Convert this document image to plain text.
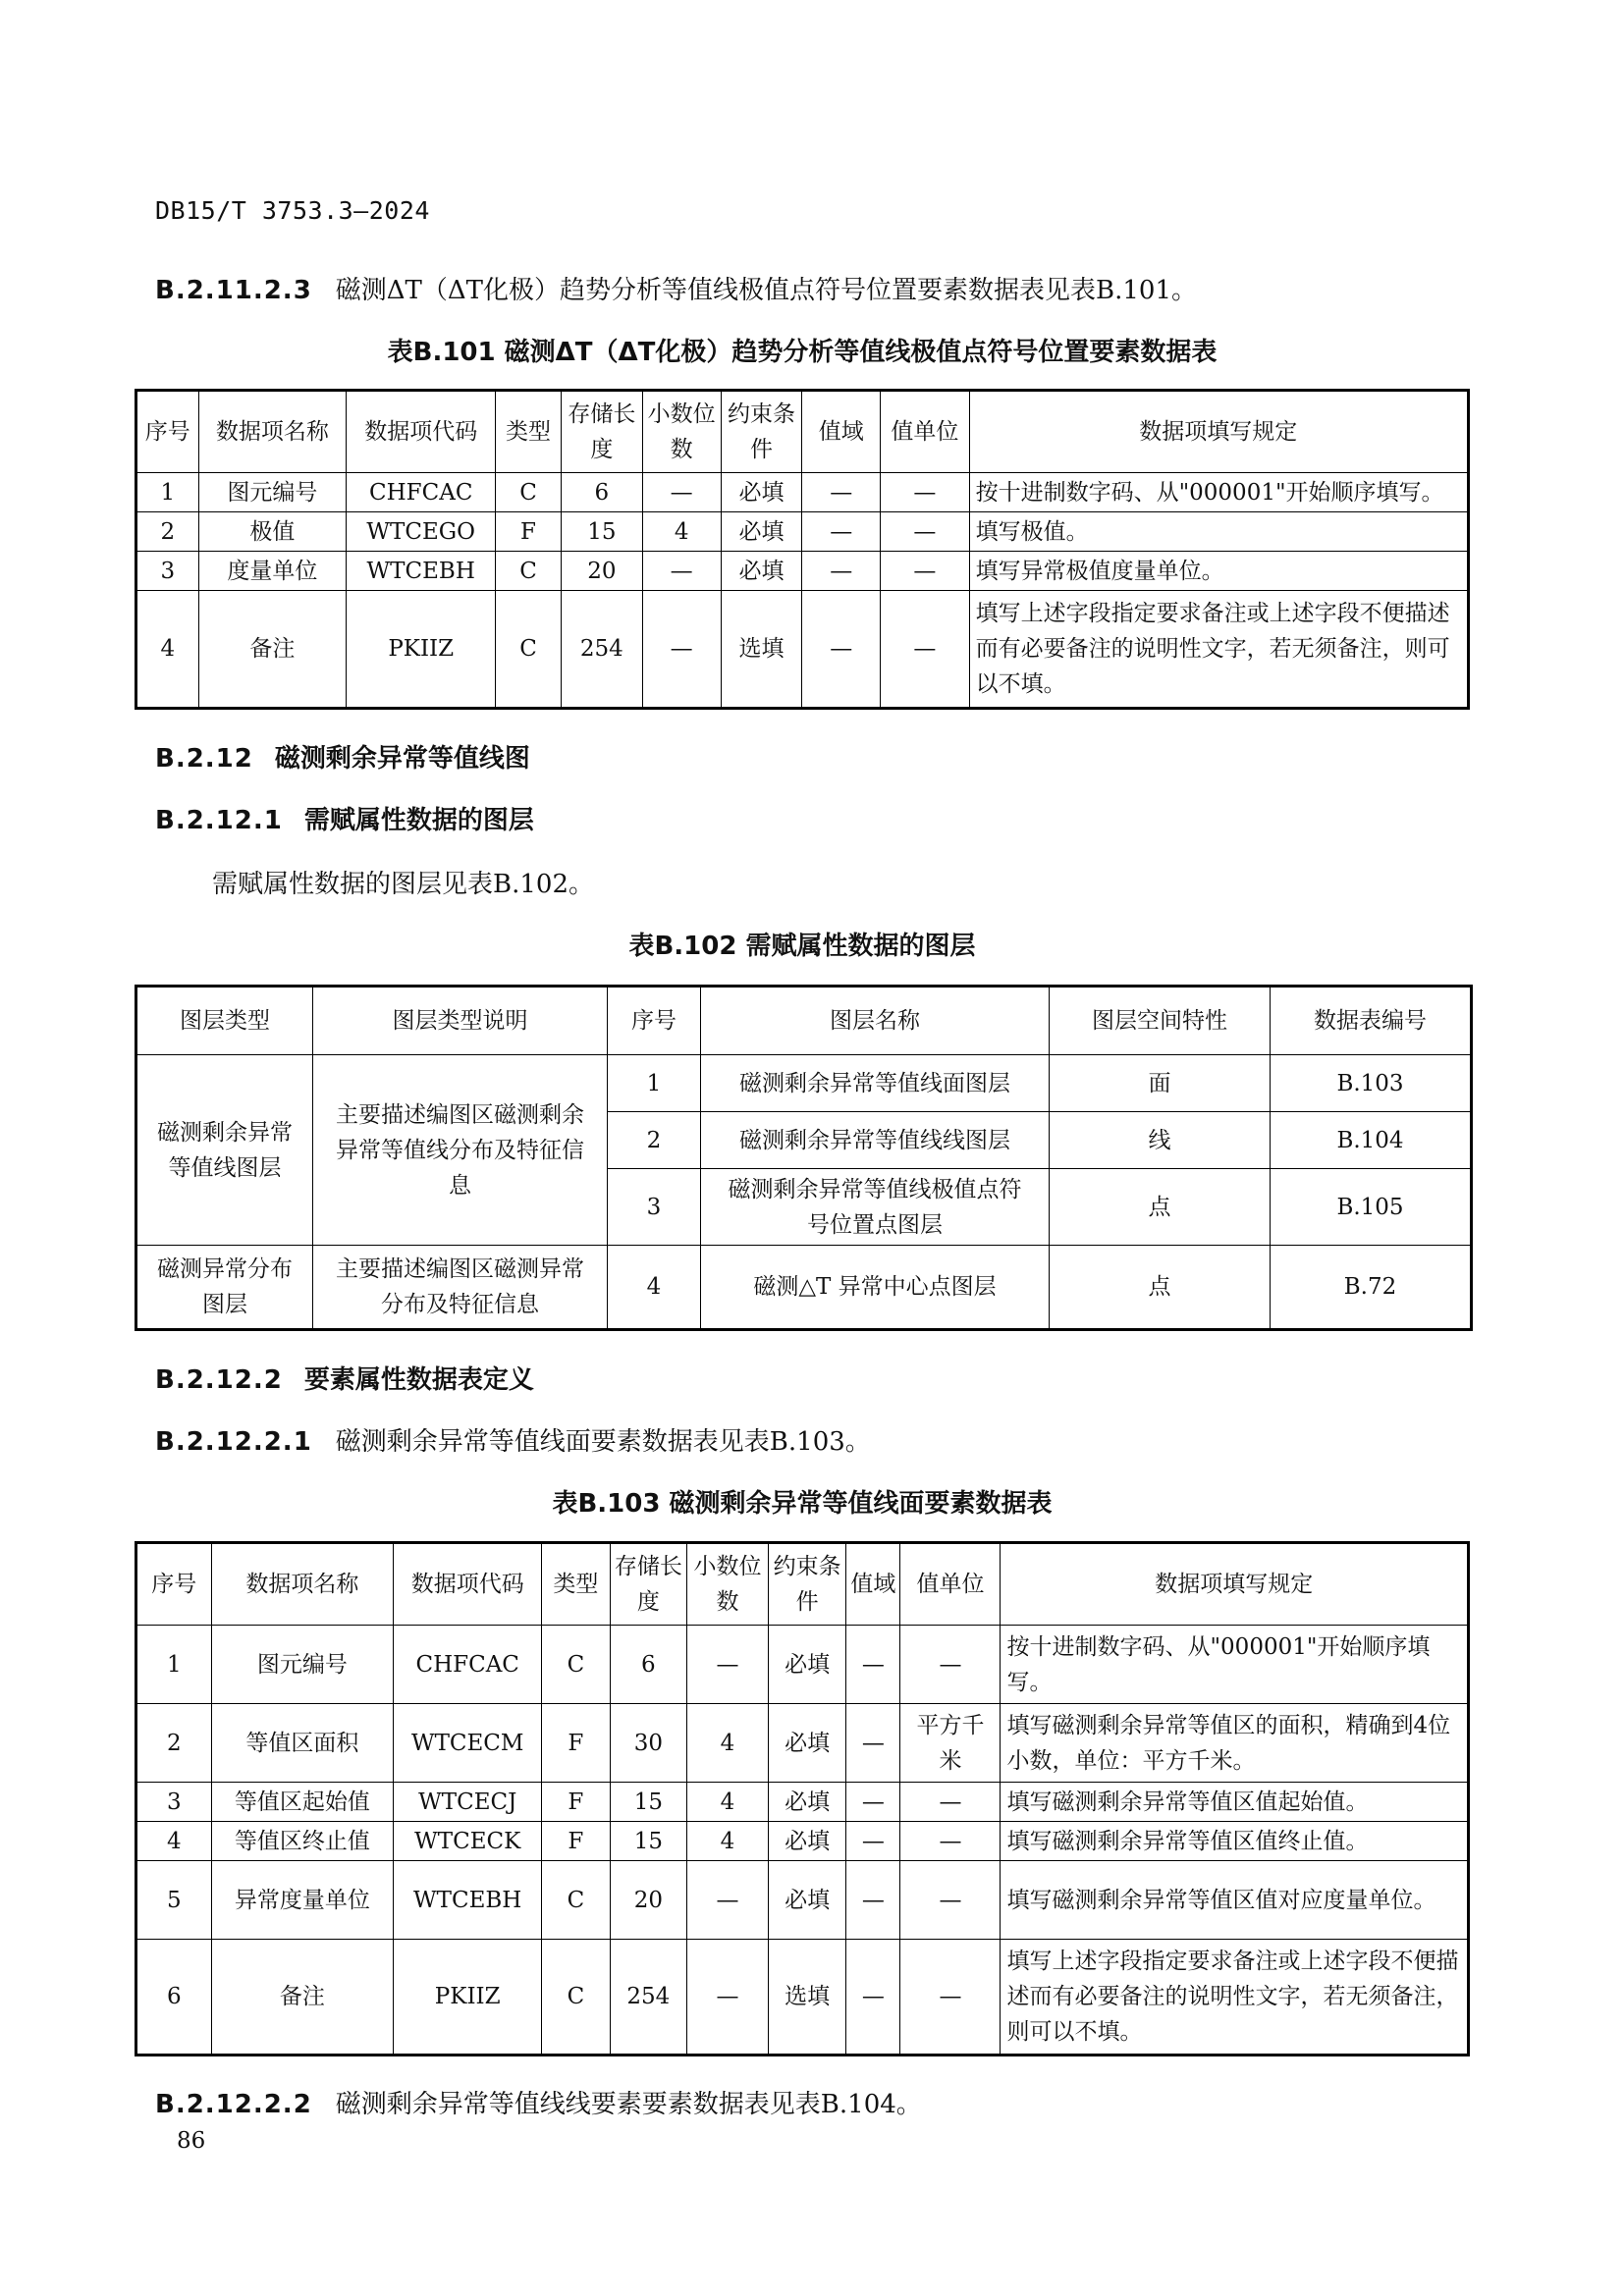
DB15/T 3753.3—2024
B.2.11.2.3 磁测ΔT（ΔT化极）趋势分析等值线极值点符号位置要素数据表见表B.101。
表B.101 磁测ΔT（ΔT化极）趋势分析等值线极值点符号位置要素数据表
序号	数据项名称	数据项代码	类型	存储长度	小数位数	约束条件	值域	值单位	数据项填写规定
1	图元编号	CHFCAC	C	6	—	必填	—	—	按十进制数字码、从"000001"开始顺序填写。
2	极值	WTCEGO	F	15	4	必填	—	—	填写极值。
3	度量单位	WTCEBH	C	20	—	必填	—	—	填写异常极值度量单位。
4	备注	PKIIZ	C	254	—	选填	—	—	填写上述字段指定要求备注或上述字段不便描述而有必要备注的说明性文字，若无须备注，则可以不填。
B.2.12 磁测剩余异常等值线图
B.2.12.1 需赋属性数据的图层
需赋属性数据的图层见表B.102。
表B.102 需赋属性数据的图层
图层类型	图层类型说明	序号	图层名称	图层空间特性	数据表编号
磁测剩余异常等值线图层	主要描述编图区磁测剩余异常等值线分布及特征信息	1	磁测剩余异常等值线面图层	面	B.103
		2	磁测剩余异常等值线线图层	线	B.104
		3	磁测剩余异常等值线极值点符号位置点图层	点	B.105
磁测异常分布图层	主要描述编图区磁测异常分布及特征信息	4	磁测△T 异常中心点图层	点	B.72
B.2.12.2 要素属性数据表定义
B.2.12.2.1 磁测剩余异常等值线面要素数据表见表B.103。
表B.103 磁测剩余异常等值线面要素数据表
序号	数据项名称	数据项代码	类型	存储长度	小数位数	约束条件	值域	值单位	数据项填写规定
1	图元编号	CHFCAC	C	6	—	必填	—	—	按十进制数字码、从"000001"开始顺序填写。
2	等值区面积	WTCECM	F	30	4	必填	—	平方千米	填写磁测剩余异常等值区的面积，精确到4位小数，单位：平方千米。
3	等值区起始值	WTCECJ	F	15	4	必填	—	—	填写磁测剩余异常等值区值起始值。
4	等值区终止值	WTCECK	F	15	4	必填	—	—	填写磁测剩余异常等值区值终止值。
5	异常度量单位	WTCEBH	C	20	—	必填	—	—	填写磁测剩余异常等值区值对应度量单位。
6	备注	PKIIZ	C	254	—	选填	—	—	填写上述字段指定要求备注或上述字段不便描述而有必要备注的说明性文字，若无须备注，则可以不填。
B.2.12.2.2 磁测剩余异常等值线线要素要素数据表见表B.104。
86
